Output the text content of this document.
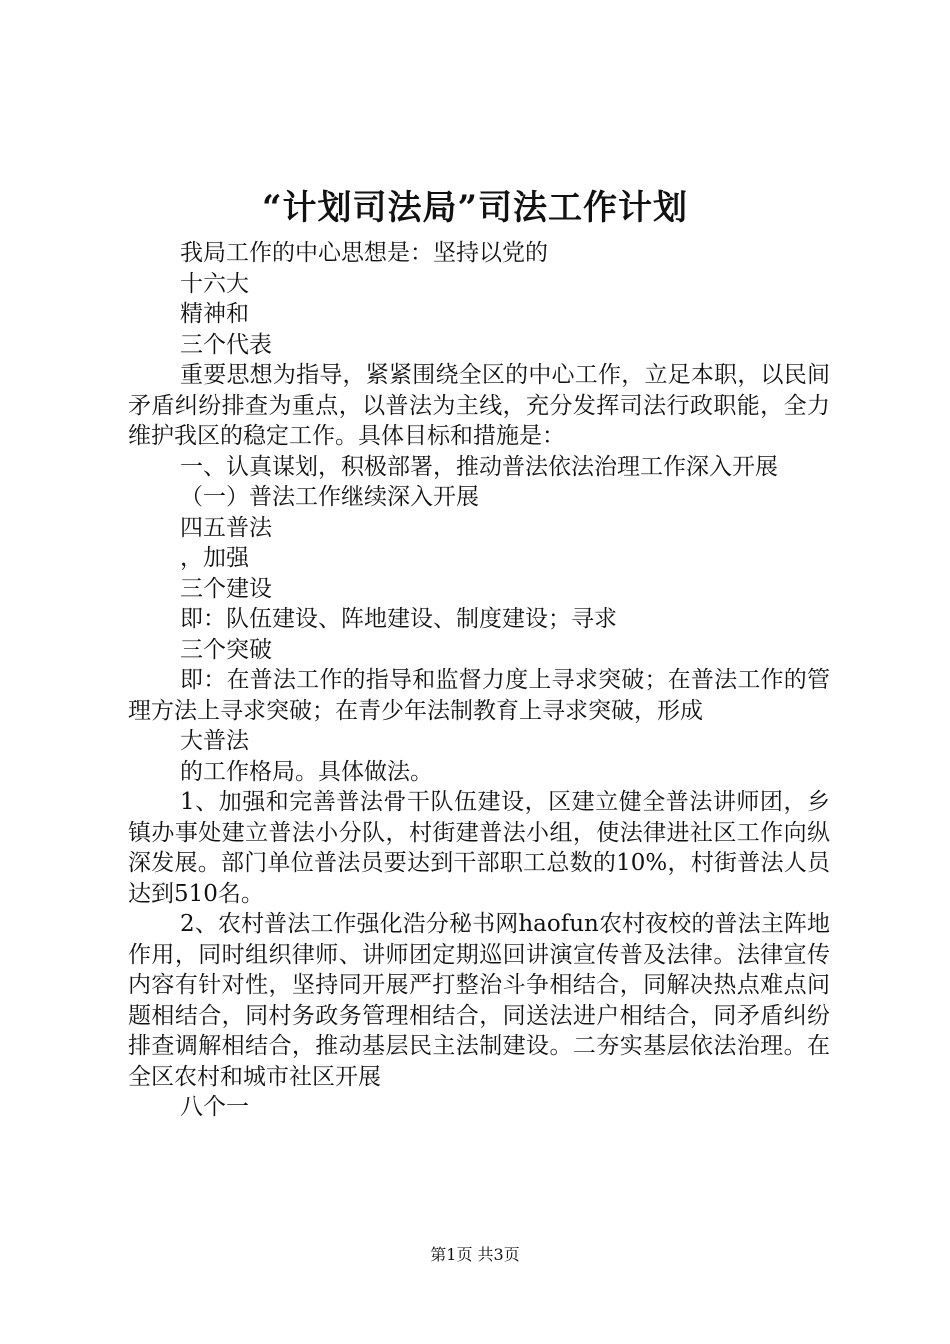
“计划司法局”司法工作计划

我局工作的中心思想是：坚持以党的

十六大

精神和

三个代表

重要思想为指导，紧紧围绕全区的中心工作，立足本职，以民间矛盾纠纷排查为重点，以普法为主线，充分发挥司法行政职能，全力维护我区的稳定工作。具体目标和措施是：

一、认真谋划，积极部署，推动普法依法治理工作深入开展

（一）普法工作继续深入开展

四五普法

，加强

三个建设

即：队伍建设、阵地建设、制度建设；寻求

三个突破

即：在普法工作的指导和监督力度上寻求突破；在普法工作的管理方法上寻求突破；在青少年法制教育上寻求突破，形成

大普法

的工作格局。具体做法。

1、加强和完善普法骨干队伍建设，区建立健全普法讲师团，乡镇办事处建立普法小分队，村街建普法小组，使法律进社区工作向纵深发展。部门单位普法员要达到干部职工总数的10%，村街普法人员达到510名。

2、农村普法工作强化浩分秘书网haofun农村夜校的普法主阵地作用，同时组织律师、讲师团定期巡回讲演宣传普及法律。法律宣传内容有针对性，坚持同开展严打整治斗争相结合，同解决热点难点问题相结合，同村务政务管理相结合，同送法进户相结合，同矛盾纠纷排查调解相结合，推动基层民主法制建设。二夯实基层依法治理。在全区农村和城市社区开展

八个一

第1页 共3页
